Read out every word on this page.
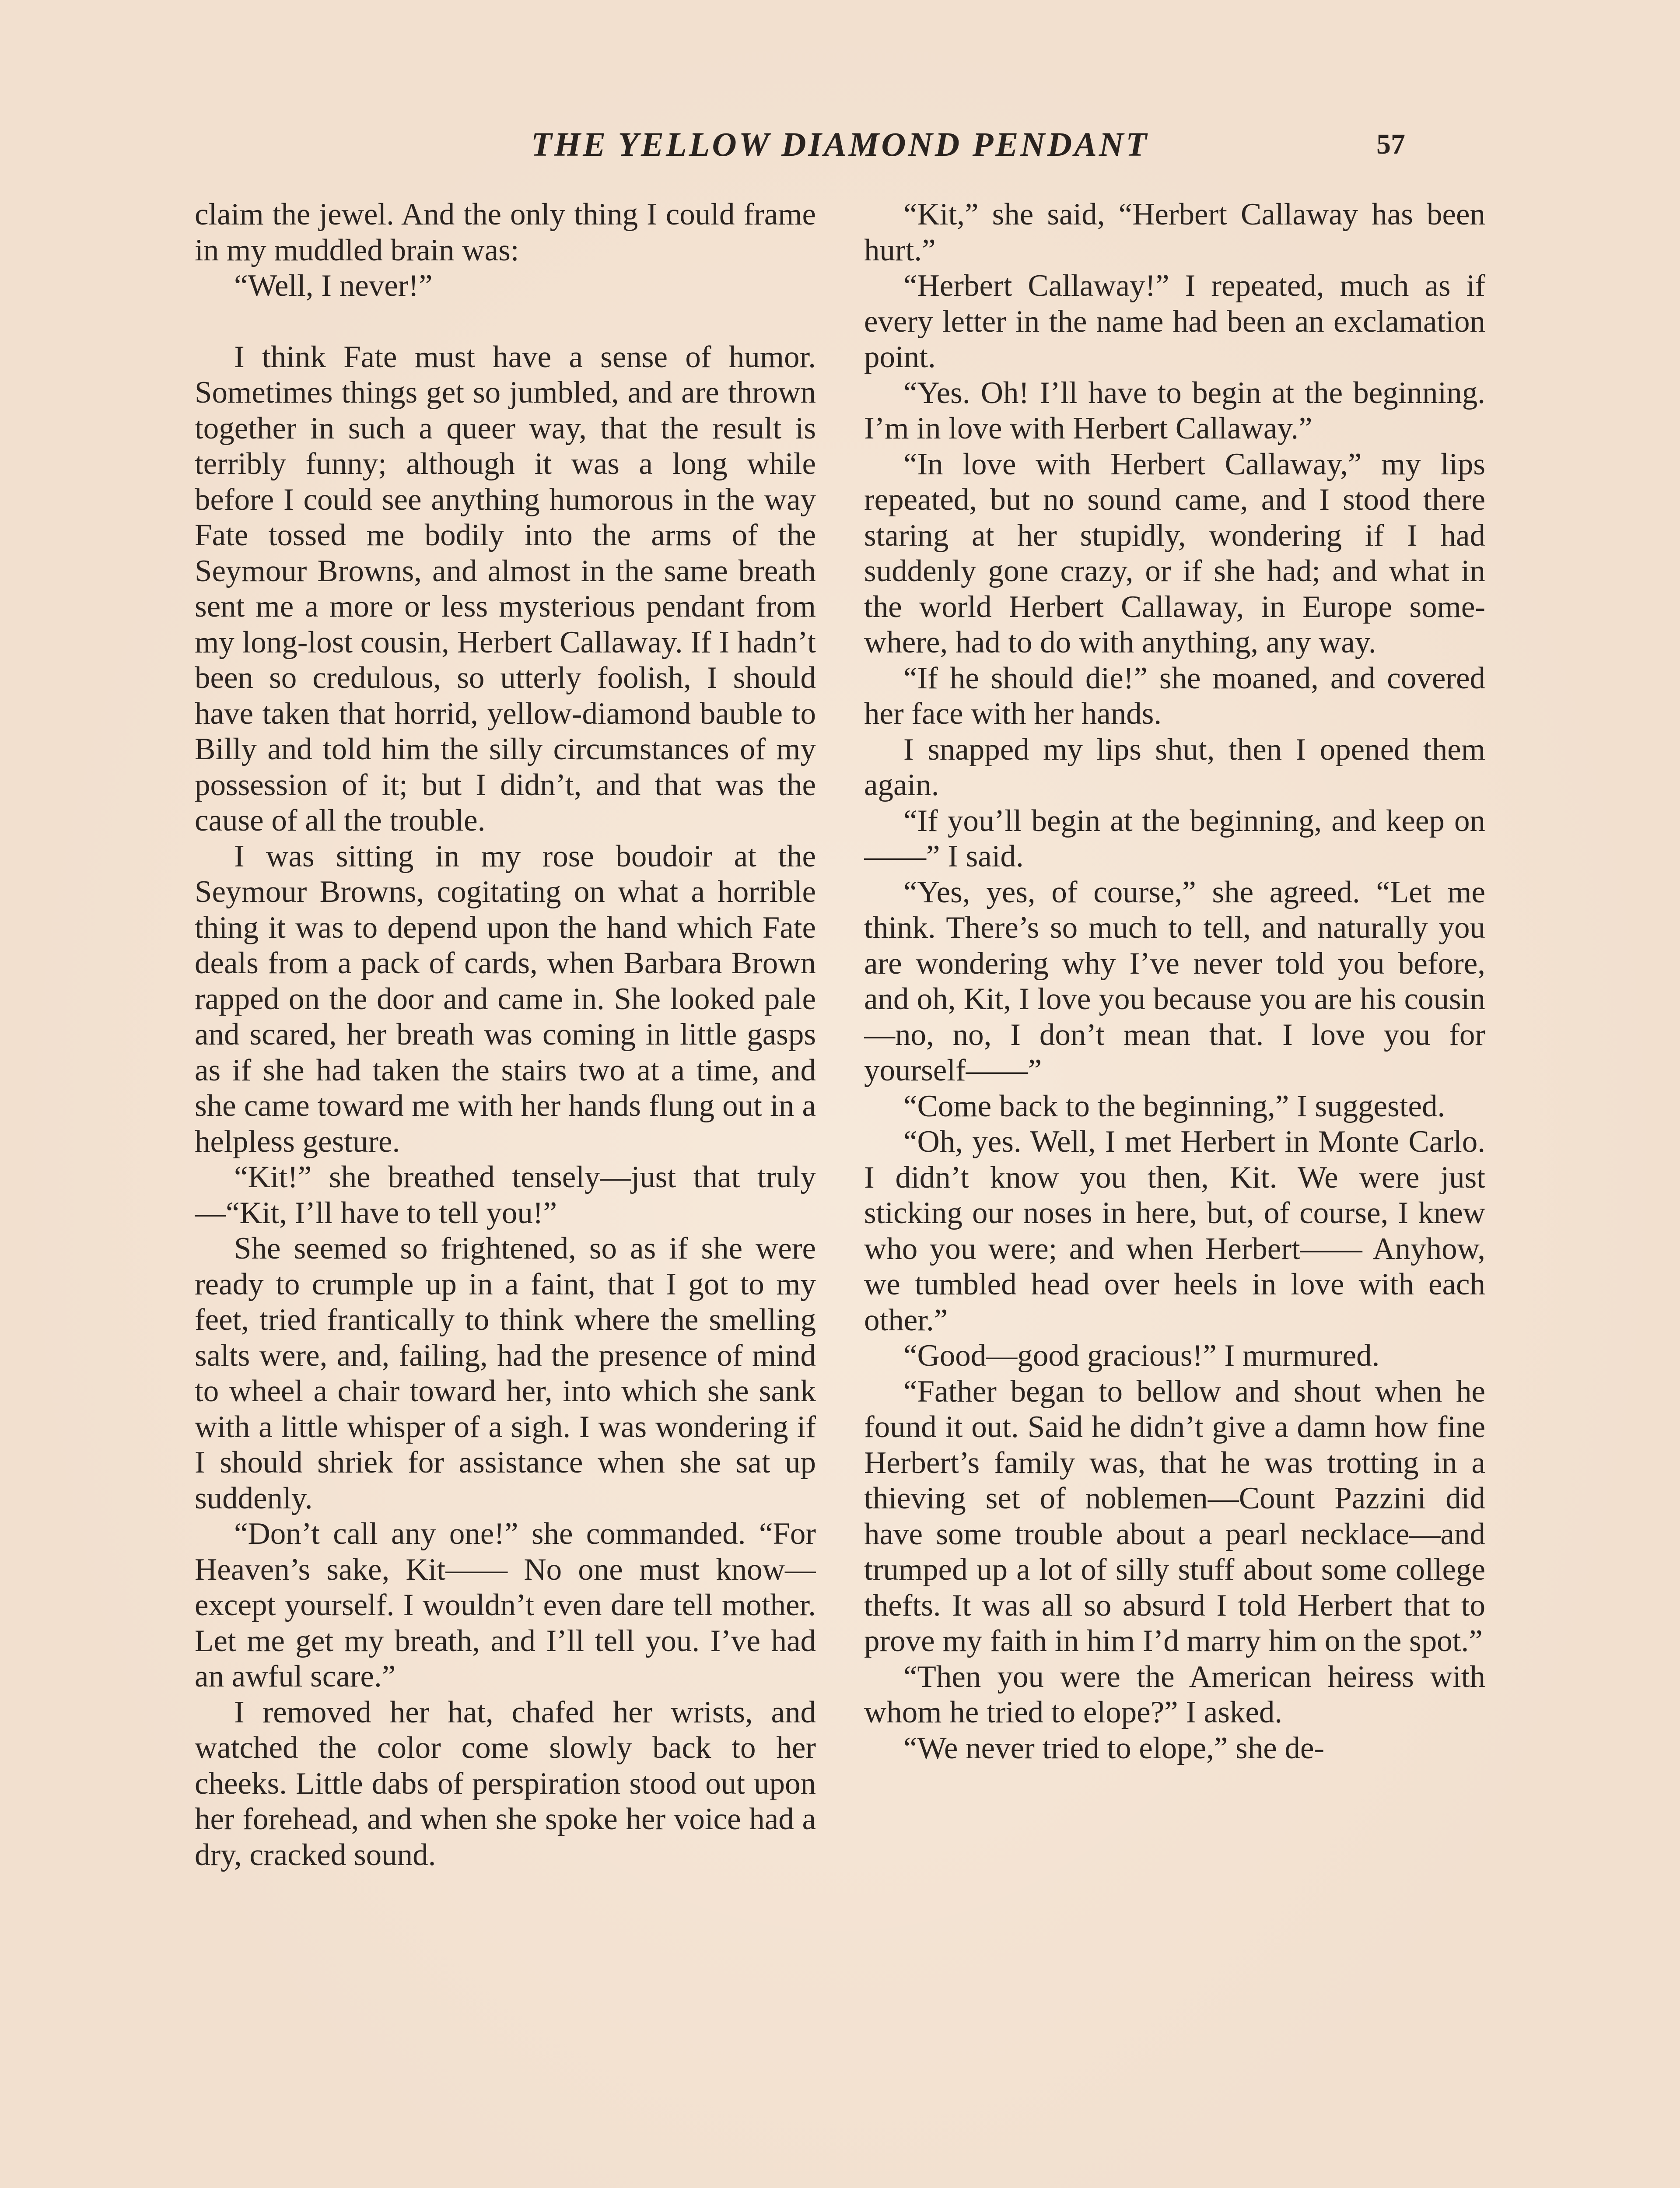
THE YELLOW DIAMOND PENDANT	57

claim the jewel. And the only thing I could frame in my muddled brain was:

“Well, I never!”

I think Fate must have a sense of humor. Sometimes things get so jumbled, and are thrown together in such a queer way, that the result is terribly funny; although it was a long while before I could see anything humorous in the way Fate tossed me bodily into the arms of the Seymour Browns, and almost in the same breath sent me a more or less mysterious pendant from my long-lost cousin, Herbert Callaway. If I hadn’t been so credulous, so utterly foolish, I should have taken that horrid, yellow-diamond bauble to Billy and told him the silly circumstances of my possession of it; but I didn’t, and that was the cause of all the trouble.

I was sitting in my rose boudoir at the Seymour Browns, cogitating on what a horrible thing it was to depend upon the hand which Fate deals from a pack of cards, when Barbara Brown rapped on the door and came in. She looked pale and scared, her breath was coming in little gasps as if she had taken the stairs two at a time, and she came toward me with her hands flung out in a helpless gesture.

“Kit!” she breathed tensely—just that truly—“Kit, I’ll have to tell you!”

She seemed so frightened, so as if she were ready to crumple up in a faint, that I got to my feet, tried frantically to think where the smelling salts were, and, failing, had the presence of mind to wheel a chair toward her, into which she sank with a little whisper of a sigh. I was wondering if I should shriek for assistance when she sat up suddenly.

“Don’t call any one!” she commanded. “For Heaven’s sake, Kit—— No one must know—except yourself. I wouldn’t even dare tell mother. Let me get my breath, and I’ll tell you. I’ve had an awful scare.”

I removed her hat, chafed her wrists, and watched the color come slowly back to her cheeks. Little dabs of perspiration stood out upon her forehead, and when she spoke her voice had a dry, cracked sound.

“Kit,” she said, “Herbert Callaway has been hurt.”

“Herbert Callaway!” I repeated, much as if every letter in the name had been an exclamation point.

“Yes. Oh! I’ll have to begin at the beginning. I’m in love with Herbert Callaway.”

“In love with Herbert Callaway,” my lips repeated, but no sound came, and I stood there staring at her stupidly, wondering if I had suddenly gone crazy, or if she had; and what in the world Herbert Callaway, in Europe somewhere, had to do with anything, any way.

“If he should die!” she moaned, and covered her face with her hands.

I snapped my lips shut, then I opened them again.

“If you’ll begin at the beginning, and keep on——” I said.

“Yes, yes, of course,” she agreed. “Let me think. There’s so much to tell, and naturally you are wondering why I’ve never told you before, and oh, Kit, I love you because you are his cousin —no, no, I don’t mean that. I love you for yourself——”

“Come back to the beginning,” I suggested.

“Oh, yes. Well, I met Herbert in Monte Carlo. I didn’t know you then, Kit. We were just sticking our noses in here, but, of course, I knew who you were; and when Herbert—— Anyhow, we tumbled head over heels in love with each other.”

“Good—good gracious!” I murmured.

“Father began to bellow and shout when he found it out. Said he didn’t give a damn how fine Herbert’s family was, that he was trotting in a thieving set of noblemen—Count Pazzini did have some trouble about a pearl necklace—and trumped up a lot of silly stuff about some college thefts. It was all so absurd I told Herbert that to prove my faith in him I’d marry him on the spot.”

“Then you were the American heiress with whom he tried to elope?” I asked.

“We never tried to elope,” she de-
